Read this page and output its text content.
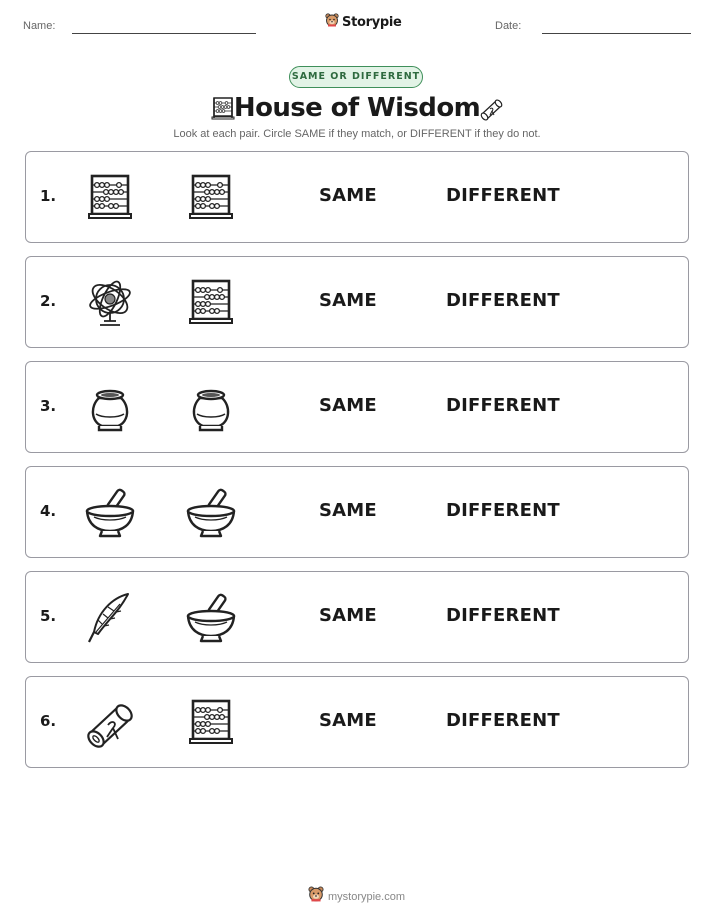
Name:	Storypie	Date:
SAME OR DIFFERENT
House of Wisdom
Look at each pair. Circle SAME if they match, or DIFFERENT if they do not.
1.	SAME	DIFFERENT
2.	SAME	DIFFERENT
3.	SAME	DIFFERENT
4.	SAME	DIFFERENT
5.	SAME	DIFFERENT
6.	SAME	DIFFERENT
mystorypie.com
